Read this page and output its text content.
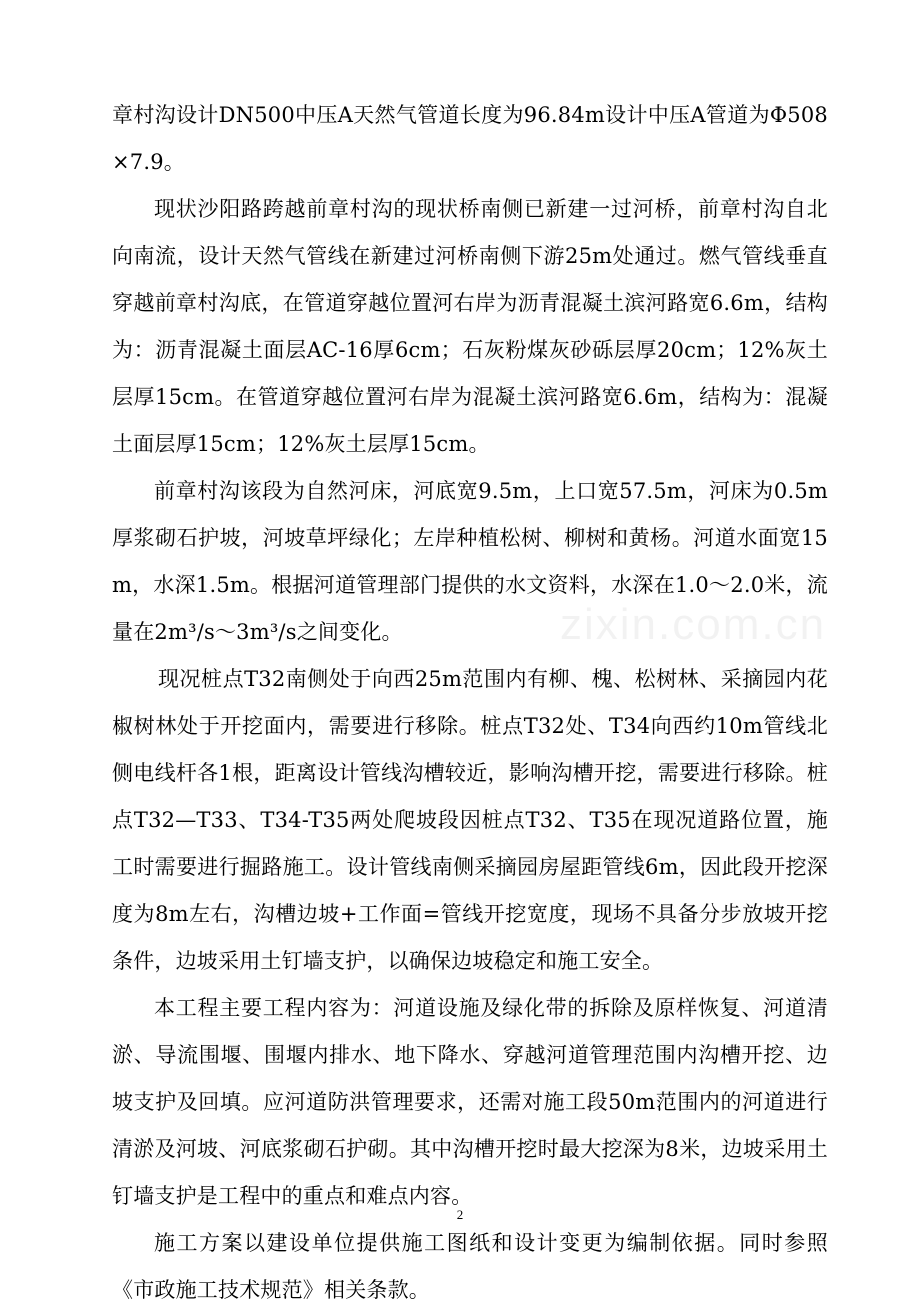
章村沟设计DN500中压A天然气管道长度为96.84m设计中压A管道为Φ508×7.9。

现状沙阳路跨越前章村沟的现状桥南侧已新建一过河桥，前章村沟自北向南流，设计天然气管线在新建过河桥南侧下游25m处通过。燃气管线垂直穿越前章村沟底，在管道穿越位置河右岸为沥青混凝土滨河路宽6.6m，结构为：沥青混凝土面层AC-16厚6cm；石灰粉煤灰砂砾层厚20cm；12%灰土层厚15cm。在管道穿越位置河右岸为混凝土滨河路宽6.6m，结构为：混凝土面层厚15cm；12%灰土层厚15cm。

前章村沟该段为自然河床，河底宽9.5m，上口宽57.5m，河床为0.5m厚浆砌石护坡，河坡草坪绿化；左岸种植松树、柳树和黄杨。河道水面宽15m，水深1.5m。根据河道管理部门提供的水文资料，水深在1.0～2.0米，流量在2m³/s～3m³/s之间变化。

现况桩点T32南侧处于向西25m范围内有柳、槐、松树林、采摘园内花椒树林处于开挖面内，需要进行移除。桩点T32处、T34向西约10m管线北侧电线杆各1根，距离设计管线沟槽较近，影响沟槽开挖，需要进行移除。桩点T32—T33、T34-T35两处爬坡段因桩点T32、T35在现况道路位置，施工时需要进行掘路施工。设计管线南侧采摘园房屋距管线6m，因此段开挖深度为8m左右，沟槽边坡+工作面=管线开挖宽度，现场不具备分步放坡开挖条件，边坡采用土钉墙支护，以确保边坡稳定和施工安全。

本工程主要工程内容为：河道设施及绿化带的拆除及原样恢复、河道清淤、导流围堰、围堰内排水、地下降水、穿越河道管理范围内沟槽开挖、边坡支护及回填。应河道防洪管理要求，还需对施工段50m范围内的河道进行清淤及河坡、河底浆砌石护砌。其中沟槽开挖时最大挖深为8米，边坡采用土钉墙支护是工程中的重点和难点内容。

施工方案以建设单位提供施工图纸和设计变更为编制依据。同时参照《市政施工技术规范》相关条款。

zixin.com.cn
2
